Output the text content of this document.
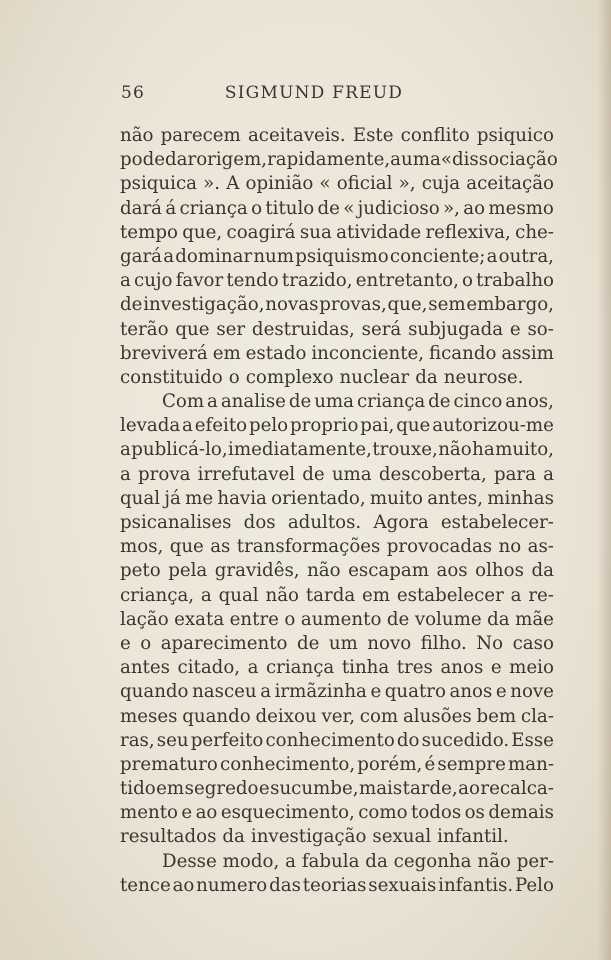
56	SIGMUND FREUD
não parecem aceitaveis. Este conflito psiquico
pode dar origem, rapidamente, a uma « dissociação
psiquica ». A opinião « oficial », cuja aceitação
dará á criança o titulo de « judicioso », ao mesmo
tempo que, coagirá sua atividade reflexiva, che-
gará a dominar num psiquismo conciente; a outra,
a cujo favor tendo trazido, entretanto, o trabalho
de investigação, novas provas, que, sem embargo,
terão que ser destruidas, será subjugada e so-
breviverá em estado inconciente, ficando assim
constituido o complexo nuclear da neurose.
Com a analise de uma criança de cinco anos,
levada a efeito pelo proprio pai, que autorizou-me
a publicá-lo, imediatamente, trouxe, não ha muito,
a prova irrefutavel de uma descoberta, para a
qual já me havia orientado, muito antes, minhas
psicanalises dos adultos. Agora estabelecer-
mos, que as transformações provocadas no as-
peto pela gravidês, não escapam aos olhos da
criança, a qual não tarda em estabelecer a re-
lação exata entre o aumento de volume da mãe
e o aparecimento de um novo filho. No caso
antes citado, a criança tinha tres anos e meio
quando nasceu a irmãzinha e quatro anos e nove
meses quando deixou ver, com alusões bem cla-
ras, seu perfeito conhecimento do sucedido. Esse
prematuro conhecimento, porém, é sempre man-
tido em segredo e sucumbe, mais tarde, ao recalca-
mento e ao esquecimento, como todos os demais
resultados da investigação sexual infantil.
Desse modo, a fabula da cegonha não per-
tence ao numero das teorias sexuais infantis. Pelo
